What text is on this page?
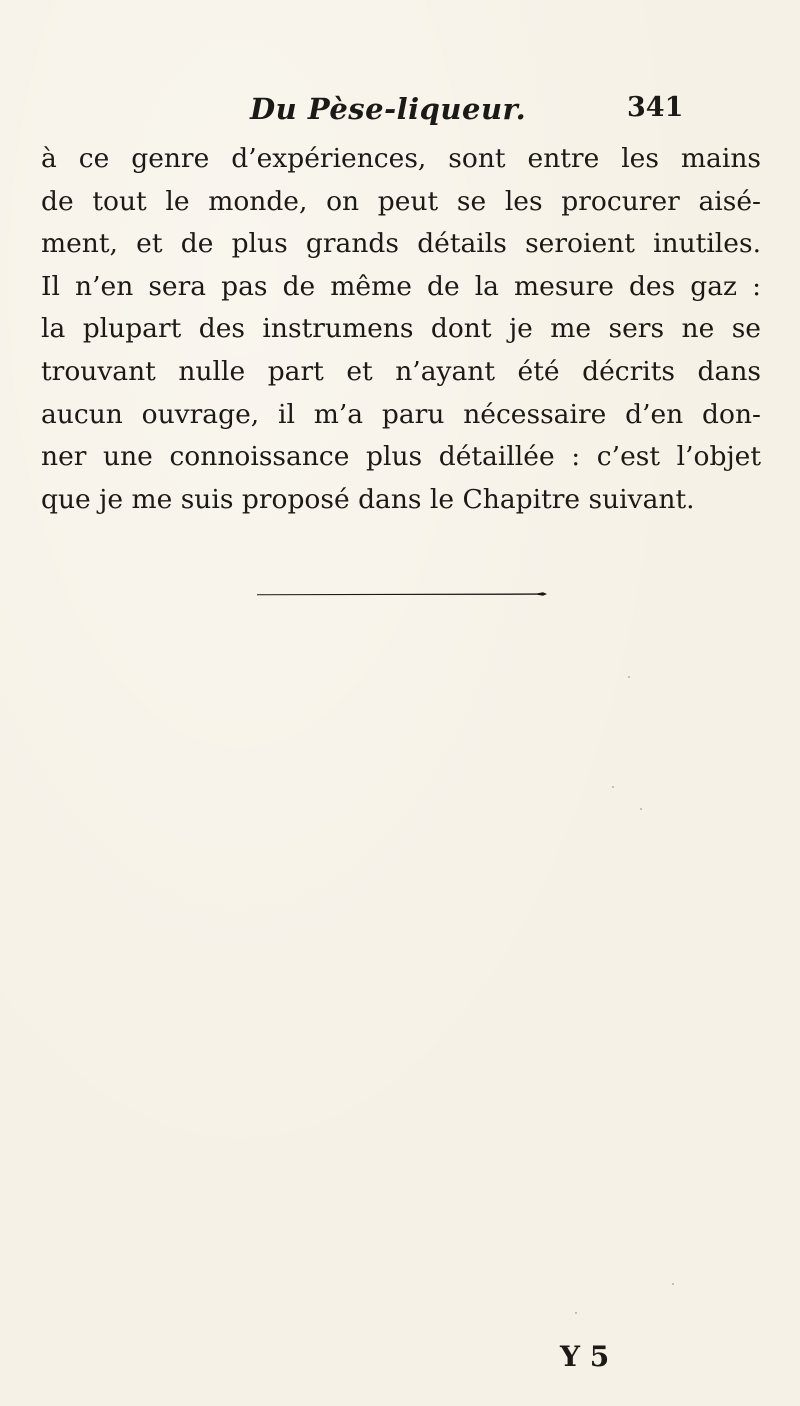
Du Pèse-liqueur.	341
à ce genre d’expériences, sont entre les mains
de tout le monde, on peut se les procurer aisé-
ment, et de plus grands détails seroient inutiles.
Il n’en sera pas de même de la mesure des gaz :
la plupart des instrumens dont je me sers ne se
trouvant nulle part et n’ayant été décrits dans
aucun ouvrage, il m’a paru nécessaire d’en don-
ner une connoissance plus détaillée : c’est l’objet
que je me suis proposé dans le Chapitre suivant.
Y 5
